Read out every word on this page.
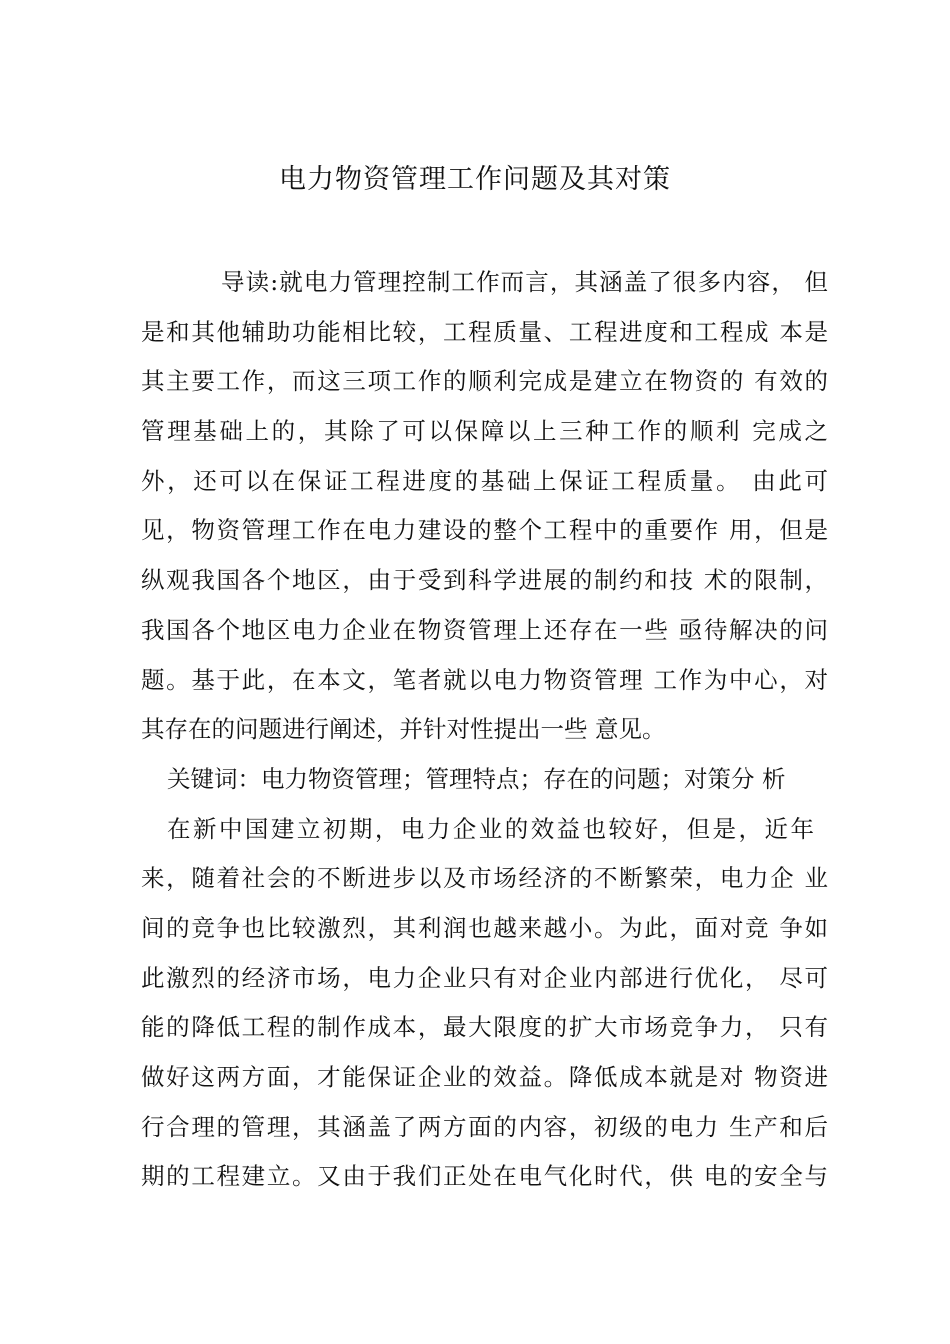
电力物资管理工作问题及其对策
导读:就电力管理控制工作而言，其涵盖了很多内容， 但
是和其他辅助功能相比较，工程质量、工程进度和工程成 本是
其主要工作，而这三项工作的顺利完成是建立在物资的 有效的
管理基础上的，其除了可以保障以上三种工作的顺利 完成之
外，还可以在保证工程进度的基础上保证工程质量。 由此可
见，物资管理工作在电力建设的整个工程中的重要作 用，但是
纵观我国各个地区，由于受到科学进展的制约和技 术的限制，
我国各个地区电力企业在物资管理上还存在一些 亟待解决的问
题。基于此，在本文，笔者就以电力物资管理 工作为中心，对
其存在的问题进行阐述，并针对性提出一些 意见。
关键词：电力物资管理；管理特点；存在的问题；对策分 析
在新中国建立初期，电力企业的效益也较好，但是，近年
来，随着社会的不断进步以及市场经济的不断繁荣，电力企 业
间的竞争也比较激烈，其利润也越来越小。为此，面对竞 争如
此激烈的经济市场，电力企业只有对企业内部进行优化， 尽可
能的降低工程的制作成本，最大限度的扩大市场竞争力， 只有
做好这两方面，才能保证企业的效益。降低成本就是对 物资进
行合理的管理，其涵盖了两方面的内容，初级的电力 生产和后
期的工程建立。又由于我们正处在电气化时代，供 电的安全与
